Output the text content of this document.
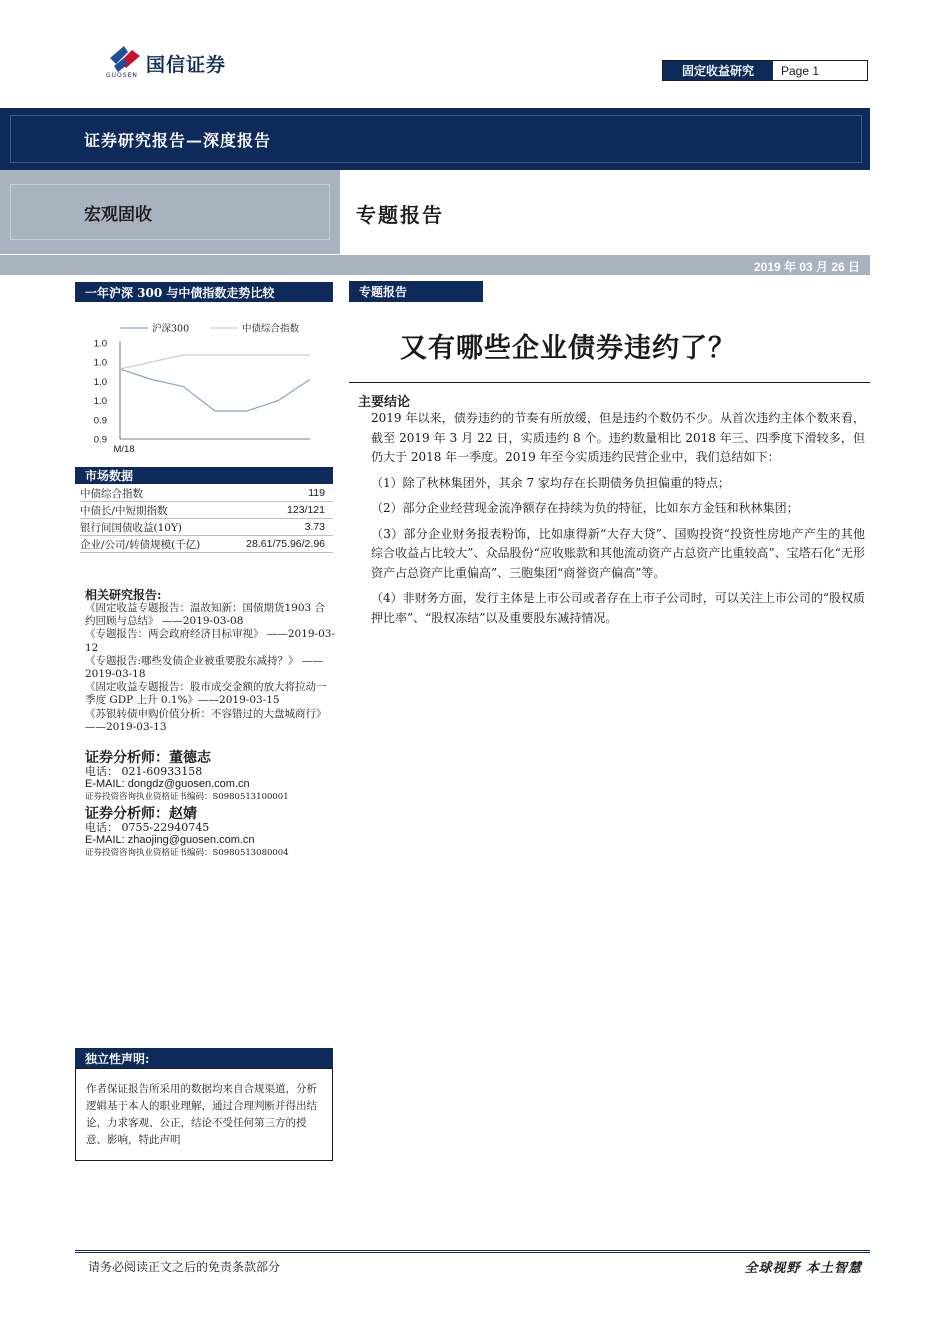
国信证券
GUOSEN	固定收益研究	Page 1
证券研究报告—深度报告
宏观固收	专题报告
2019 年 03 月 26 日
一年沪深 300 与中债指数走势比较
1.0
1.0
1.0
1.0
0.9
0.9
M/18
沪深300	中债综合指数
市场数据
中债综合指数	119
中债长/中短期指数	123/121
银行间国债收益(10Y)	3.73
企业/公司/转债规模(千亿)	28.61/75.96/2.96
相关研究报告:
《固定收益专题报告：温故知新：国债期货1903 合约回顾与总结》 ——2019-03-08
《专题报告：两会政府经济目标审视》 ——2019-03-12
《专题报告:哪些发债企业被重要股东减持？》 ——2019-03-18
《固定收益专题报告：股市成交金额的放大将拉动一季度 GDP 上升 0.1%》——2019-03-15
《苏银转债申购价值分析：不容错过的大盘城商行》 ——2019-03-13
证券分析师：董德志
电话： 021-60933158
E-MAIL: dongdz@guosen.com.cn
证券投资咨询执业资格证书编码：S0980513100001
证券分析师：赵婧
电话： 0755-22940745
E-MAIL: zhaojing@guosen.com.cn
证券投资咨询执业资格证书编码：S0980513080004
独立性声明:
作者保证报告所采用的数据均来自合规渠道，分析逻辑基于本人的职业理解，通过合理判断并得出结论，力求客观、公正，结论不受任何第三方的授意、影响，特此声明
专题报告
又有哪些企业债券违约了？
主要结论

2019 年以来，债券违约的节奏有所放缓，但是违约个数仍不少。从首次违约主体个数来看，截至 2019 年 3 月 22 日，实质违约 8 个。违约数量相比 2018 年三、四季度下滑较多，但仍大于 2018 年一季度。2019 年至今实质违约民营企业中，我们总结如下：

（1）除了秋林集团外，其余 7 家均存在长期债务负担偏重的特点；

（2）部分企业经营现金流净额存在持续为负的特征，比如东方金钰和秋林集团；

（3）部分企业财务报表粉饰，比如康得新“大存大贷”、国购投资“投资性房地产产生的其他综合收益占比较大”、众品股份“应收账款和其他流动资产占总资产比重较高”、宝塔石化“无形资产占总资产比重偏高”、三胞集团“商誉资产偏高”等。

（4）非财务方面，发行主体是上市公司或者存在上市子公司时，可以关注上市公司的“股权质押比率”、“股权冻结”以及重要股东减持情况。

请务必阅读正文之后的免责条款部分	全球视野 本土智慧
